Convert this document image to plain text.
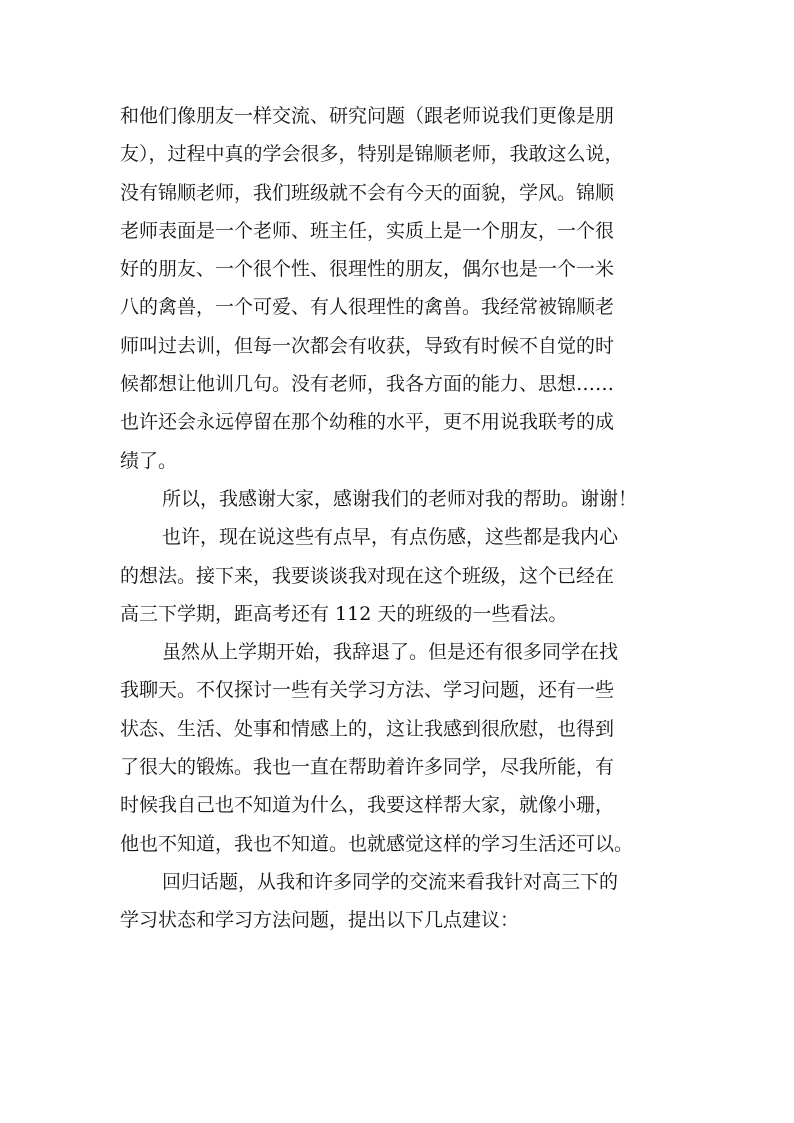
和他们像朋友一样交流、研究问题（跟老师说我们更像是朋
友），过程中真的学会很多，特别是锦顺老师，我敢这么说，
没有锦顺老师，我们班级就不会有今天的面貌，学风。锦顺
老师表面是一个老师、班主任，实质上是一个朋友，一个很
好的朋友、一个很个性、很理性的朋友，偶尔也是一个一米
八的禽兽，一个可爱、有人很理性的禽兽。我经常被锦顺老
师叫过去训，但每一次都会有收获，导致有时候不自觉的时
候都想让他训几句。没有老师，我各方面的能力、思想……
也许还会永远停留在那个幼稚的水平，更不用说我联考的成
绩了。
所以，我感谢大家，感谢我们的老师对我的帮助。谢谢！
也许，现在说这些有点早，有点伤感，这些都是我内心
的想法。接下来，我要谈谈我对现在这个班级，这个已经在
高三下学期，距高考还有 112 天的班级的一些看法。
虽然从上学期开始，我辞退了。但是还有很多同学在找
我聊天。不仅探讨一些有关学习方法、学习问题，还有一些
状态、生活、处事和情感上的，这让我感到很欣慰，也得到
了很大的锻炼。我也一直在帮助着许多同学，尽我所能，有
时候我自己也不知道为什么，我要这样帮大家，就像小珊，
他也不知道，我也不知道。也就感觉这样的学习生活还可以。
回归话题，从我和许多同学的交流来看我针对高三下的
学习状态和学习方法问题，提出以下几点建议：
